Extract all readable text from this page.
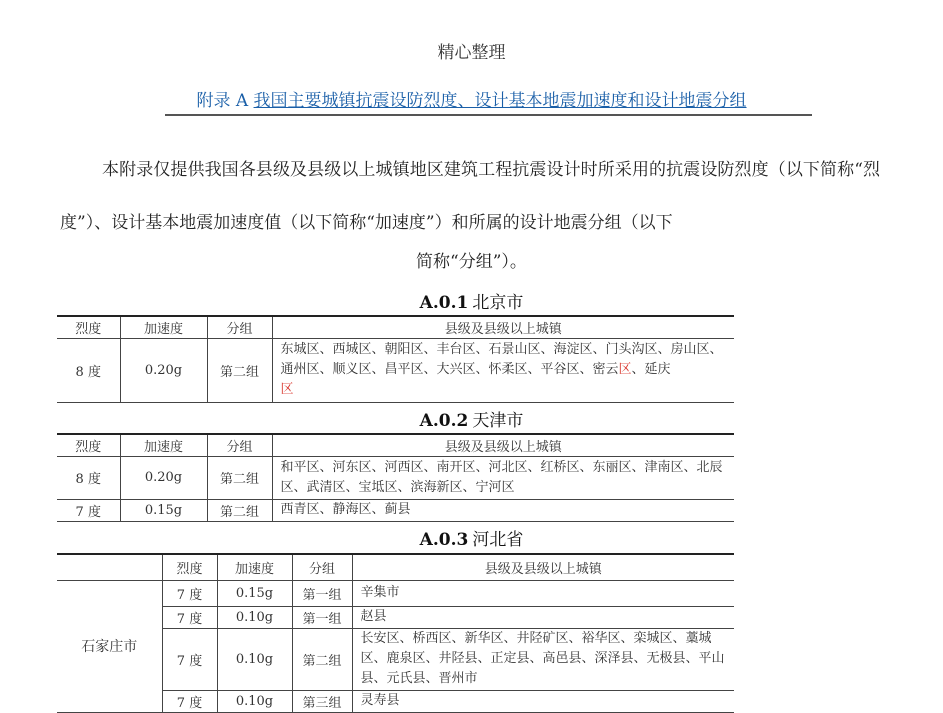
精心整理
附录 A 我国主要城镇抗震设防烈度、设计基本地震加速度和设计地震分组
本附录仅提供我国各县级及县级以上城镇地区建筑工程抗震设计时所采用的抗震设防烈度（以下简称“烈度”）、设计基本地震加速度值（以下简称“加速度”）和所属的设计地震分组（以下
简称“分组”）。
A.0.1 北京市
烈度	加速度	分组	县级及县级以上城镇
8 度	0.20g	第二组	东城区、西城区、朝阳区、丰台区、石景山区、海淀区、门头沟区、房山区、通州区、顺义区、昌平区、大兴区、怀柔区、平谷区、密云区、延庆
区
A.0.2 天津市
烈度	加速度	分组	县级及县级以上城镇
8 度	0.20g	第二组	和平区、河东区、河西区、南开区、河北区、红桥区、东丽区、津南区、北辰区、武清区、宝坻区、滨海新区、宁河区
7 度	0.15g	第二组	西青区、静海区、蓟县
A.0.3 河北省
	烈度	加速度	分组	县级及县级以上城镇
石家庄市	7 度	0.15g	第一组	辛集市
	7 度	0.10g	第一组	赵县
	7 度	0.10g	第二组	长安区、桥西区、新华区、井陉矿区、裕华区、栾城区、藁城区、鹿泉区、井陉县、正定县、高邑县、深泽县、无极县、平山县、元氏县、晋州市
	7 度	0.10g	第三组	灵寿县
